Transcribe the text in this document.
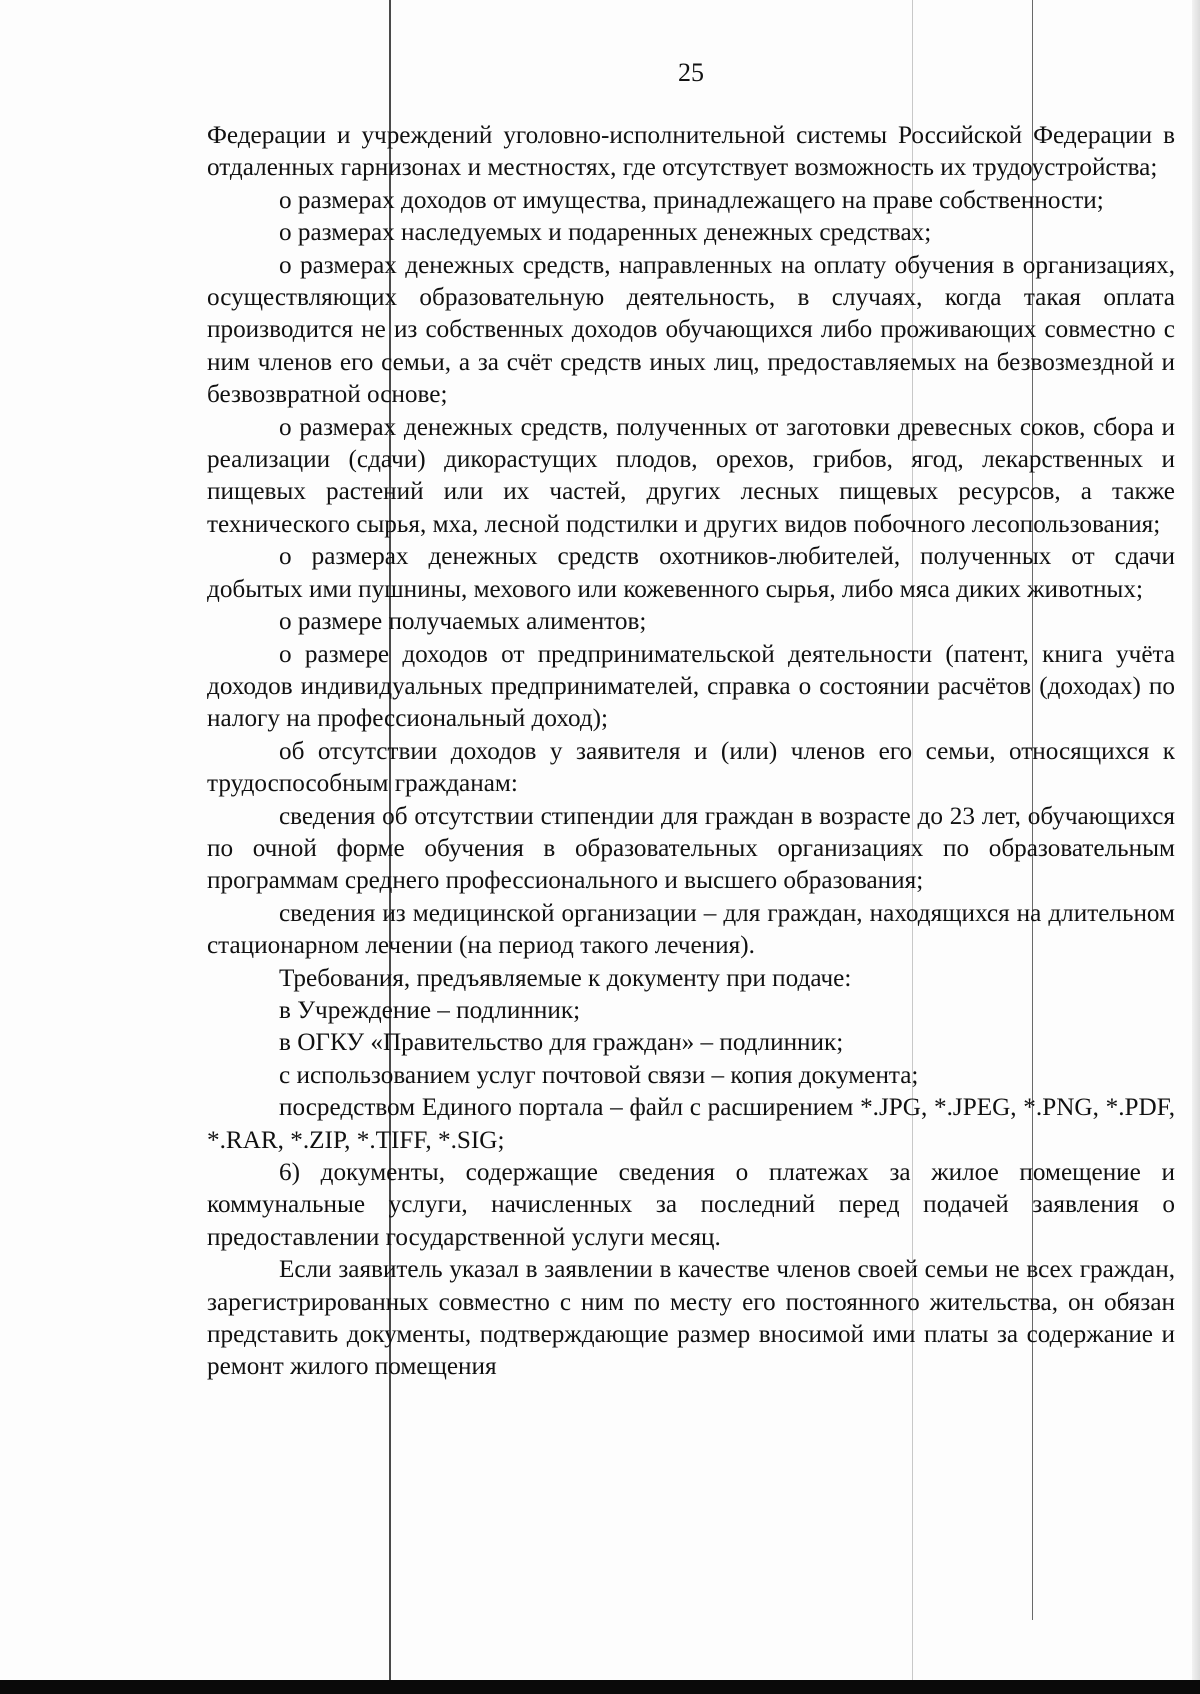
25

Федерации и учреждений уголовно-исполнительной системы Российской Федерации в отдаленных гарнизонах и местностях, где отсутствует возможность их трудоустройства;

о размерах доходов от имущества, принадлежащего на праве собственности;

о размерах наследуемых и подаренных денежных средствах;

о размерах денежных средств, направленных на оплату обучения в организациях, осуществляющих образовательную деятельность, в случаях, когда такая оплата производится не из собственных доходов обучающихся либо проживающих совместно с ним членов его семьи, а за счёт средств иных лиц, предоставляемых на безвозмездной и безвозвратной основе;

о размерах денежных средств, полученных от заготовки древесных соков, сбора и реализации (сдачи) дикорастущих плодов, орехов, грибов, ягод, лекарственных и пищевых растений или их частей, других лесных пищевых ресурсов, а также технического сырья, мха, лесной подстилки и других видов побочного лесопользования;

о размерах денежных средств охотников-любителей, полученных от сдачи добытых ими пушнины, мехового или кожевенного сырья, либо мяса диких животных;

о размере получаемых алиментов;

о размере доходов от предпринимательской деятельности (патент, книга учёта доходов индивидуальных предпринимателей, справка о состоянии расчётов (доходах) по налогу на профессиональный доход);

об отсутствии доходов у заявителя и (или) членов его семьи, относящихся к трудоспособным гражданам:

сведения об отсутствии стипендии для граждан в возрасте до 23 лет, обучающихся по очной форме обучения в образовательных организациях по образовательным программам среднего профессионального и высшего образования;

сведения из медицинской организации – для граждан, находящихся на длительном стационарном лечении (на период такого лечения).

Требования, предъявляемые к документу при подаче:

в Учреждение – подлинник;

в ОГКУ «Правительство для граждан» – подлинник;

с использованием услуг почтовой связи – копия документа;

посредством Единого портала – файл с расширением *.JPG, *.JPEG, *.PNG, *.PDF, *.RAR, *.ZIP, *.TIFF, *.SIG;

6) документы, содержащие сведения о платежах за жилое помещение и коммунальные услуги, начисленных за последний перед подачей заявления о предоставлении государственной услуги месяц.

Если заявитель указал в заявлении в качестве членов своей семьи не всех граждан, зарегистрированных совместно с ним по месту его постоянного жительства, он обязан представить документы, подтверждающие размер вносимой ими платы за содержание и ремонт жилого помещения
